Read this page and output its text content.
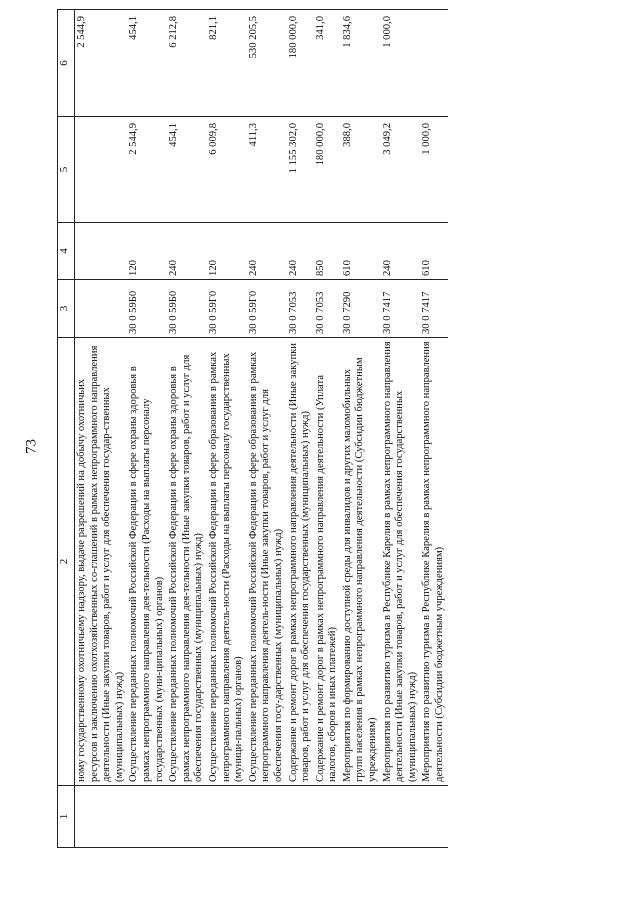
73
1	2	3	4	5	6
	ному государственному охотничьему надзору, выдаче разрешений на добычу охотничьих ресурсов и заключению охотхозяйственных со-глашений в рамках непрограммного направления деятельности (Иные закупки товаров, работ и услуг для обеспечения государ-ственных (муниципальных) нужд)				2 544,9
	Осуществление переданных полномочий Российской Федерации в сфере охраны здоровья в рамках непрограммного направления дея-тельности (Расходы на выплаты персоналу государственных (муни-ципальных) органов)	30 0 59Б0	120	2 544,9	454,1
	Осуществление переданных полномочий Российской Федерации в сфере охраны здоровья в рамках непрограммного направления дея-тельности (Иные закупки товаров, работ и услуг для обеспечения государственных (муниципальных) нужд)	30 0 59Б0	240	454,1	6 212,8
	Осуществление переданных полномочий Российской Федерации в сфере образования в рамках непрограммного направления деятель-ности (Расходы на выплаты персоналу государственных (муници-пальных) органов)	30 0 59Г0	120	6 009,8	821,1
	Осуществление переданных полномочий Российской Федерации в сфере образования в рамках непрограммного направления деятель-ности (Иные закупки товаров, работ и услуг для обеспечения госу-дарственных (муниципальных) нужд)	30 0 59Г0	240	411,3	530 205,5
	Содержание и ремонт дорог в рамках непрограммного направления деятельности (Иные закупки товаров, работ и услуг для обеспечения государственных (муниципальных) нужд)	30 0 7053	240	1 155 302,0	180 000,0
	Содержание и ремонт дорог в рамках непрограммного направления деятельности (Уплата налогов, сборов и иных платежей)	30 0 7053	850	180 000,0	341,0
	Мероприятия по формированию доступной среды для инвалидов и других маломобильных групп населения в рамках непрограммного направления деятельности (Субсидии бюджетным учреждениям)	30 0 7290	610	388,0	1 834,6
	Мероприятия по развитию туризма в Республике Карелия в рамках непрограммного направления деятельности (Иные закупки товаров, работ и услуг для обеспечения государственных (муниципальных) нужд)	30 0 7417	240	3 049,2	1 000,0
	Мероприятия по развитию туризма в Республике Карелия в рамках непрограммного направления деятельности (Субсидии бюджетным учреждениям)	30 0 7417	610	1 000,0	
